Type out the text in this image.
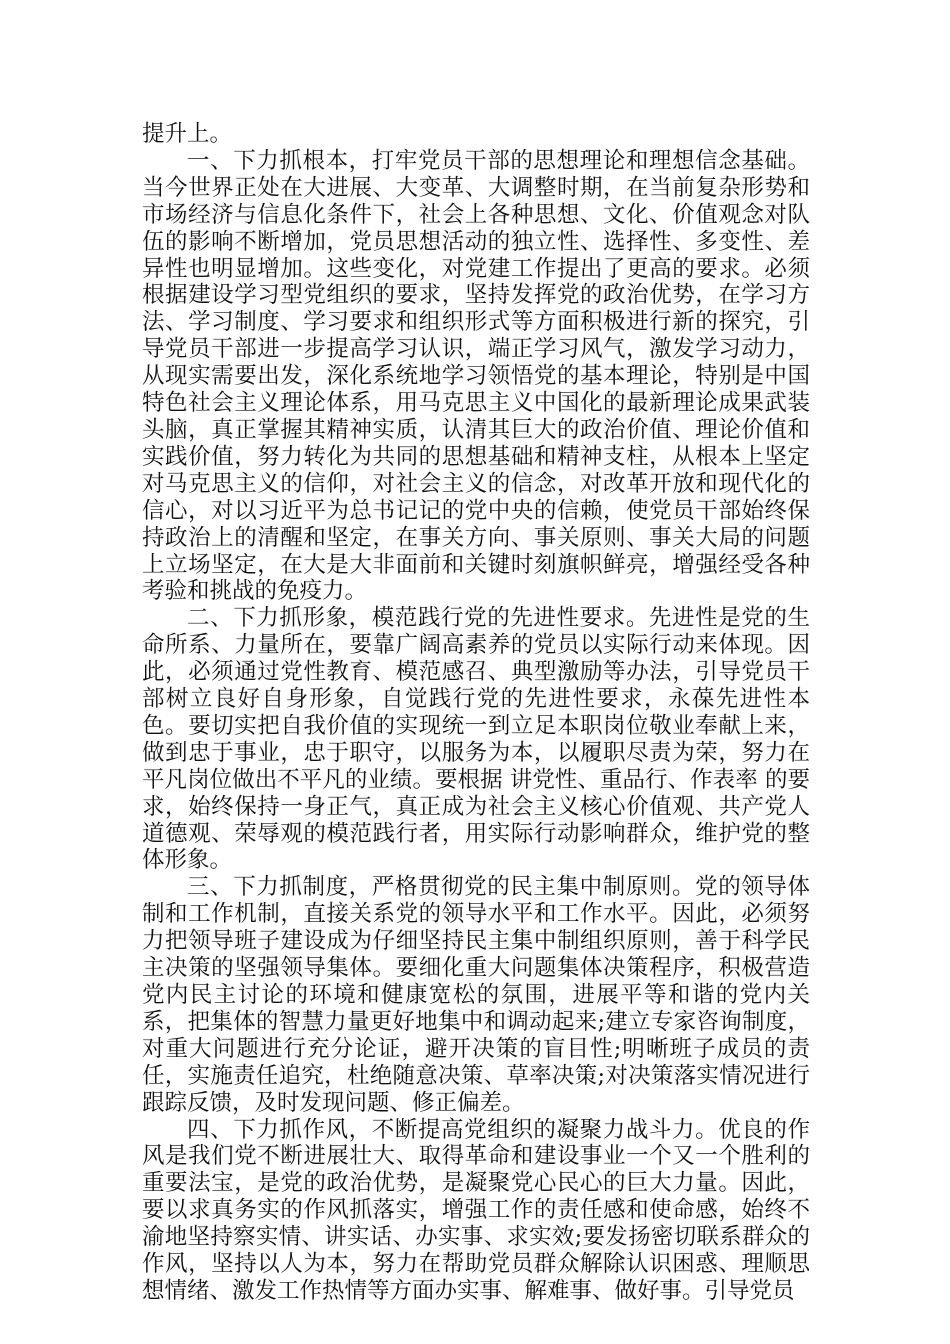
提升上。

一、下力抓根本，打牢党员干部的思想理论和理想信念基础。当今世界正处在大进展、大变革、大调整时期，在当前复杂形势和市场经济与信息化条件下，社会上各种思想、文化、价值观念对队伍的影响不断增加，党员思想活动的独立性、选择性、多变性、差异性也明显增加。这些变化，对党建工作提出了更高的要求。必须根据建设学习型党组织的要求，坚持发挥党的政治优势，在学习方法、学习制度、学习要求和组织形式等方面积极进行新的探究，引导党员干部进一步提高学习认识，端正学习风气，激发学习动力，从现实需要出发，深化系统地学习领悟党的基本理论，特别是中国特色社会主义理论体系，用马克思主义中国化的最新理论成果武装头脑，真正掌握其精神实质，认清其巨大的政治价值、理论价值和实践价值，努力转化为共同的思想基础和精神支柱，从根本上坚定对马克思主义的信仰，对社会主义的信念，对改革开放和现代化的信心，对以习近平为总书记记的党中央的信赖，使党员干部始终保持政治上的清醒和坚定，在事关方向、事关原则、事关大局的问题上立场坚定，在大是大非面前和关键时刻旗帜鲜亮，增强经受各种考验和挑战的免疫力。

二、下力抓形象，模范践行党的先进性要求。先进性是党的生命所系、力量所在，要靠广阔高素养的党员以实际行动来体现。因此，必须通过党性教育、模范感召、典型激励等办法，引导党员干部树立良好自身形象，自觉践行党的先进性要求，永葆先进性本色。要切实把自我价值的实现统一到立足本职岗位敬业奉献上来，做到忠于事业，忠于职守，以服务为本，以履职尽责为荣，努力在平凡岗位做出不平凡的业绩。要根据 讲党性、重品行、作表率 的要求，始终保持一身正气，真正成为社会主义核心价值观、共产党人道德观、荣辱观的模范践行者，用实际行动影响群众，维护党的整体形象。

三、下力抓制度，严格贯彻党的民主集中制原则。党的领导体制和工作机制，直接关系党的领导水平和工作水平。因此，必须努力把领导班子建设成为仔细坚持民主集中制组织原则，善于科学民主决策的坚强领导集体。要细化重大问题集体决策程序，积极营造党内民主讨论的环境和健康宽松的氛围，进展平等和谐的党内关系，把集体的智慧力量更好地集中和调动起来;建立专家咨询制度，对重大问题进行充分论证，避开决策的盲目性;明晰班子成员的责任，实施责任追究，杜绝随意决策、草率决策;对决策落实情况进行跟踪反馈，及时发现问题、修正偏差。

四、下力抓作风，不断提高党组织的凝聚力战斗力。优良的作风是我们党不断进展壮大、取得革命和建设事业一个又一个胜利的重要法宝，是党的政治优势，是凝聚党心民心的巨大力量。因此，要以求真务实的作风抓落实，增强工作的责任感和使命感，始终不渝地坚持察实情、讲实话、办实事、求实效;要发扬密切联系群众的作风，坚持以人为本，努力在帮助党员群众解除认识困惑、理顺思想情绪、激发工作热情等方面办实事、解难事、做好事。引导党员
